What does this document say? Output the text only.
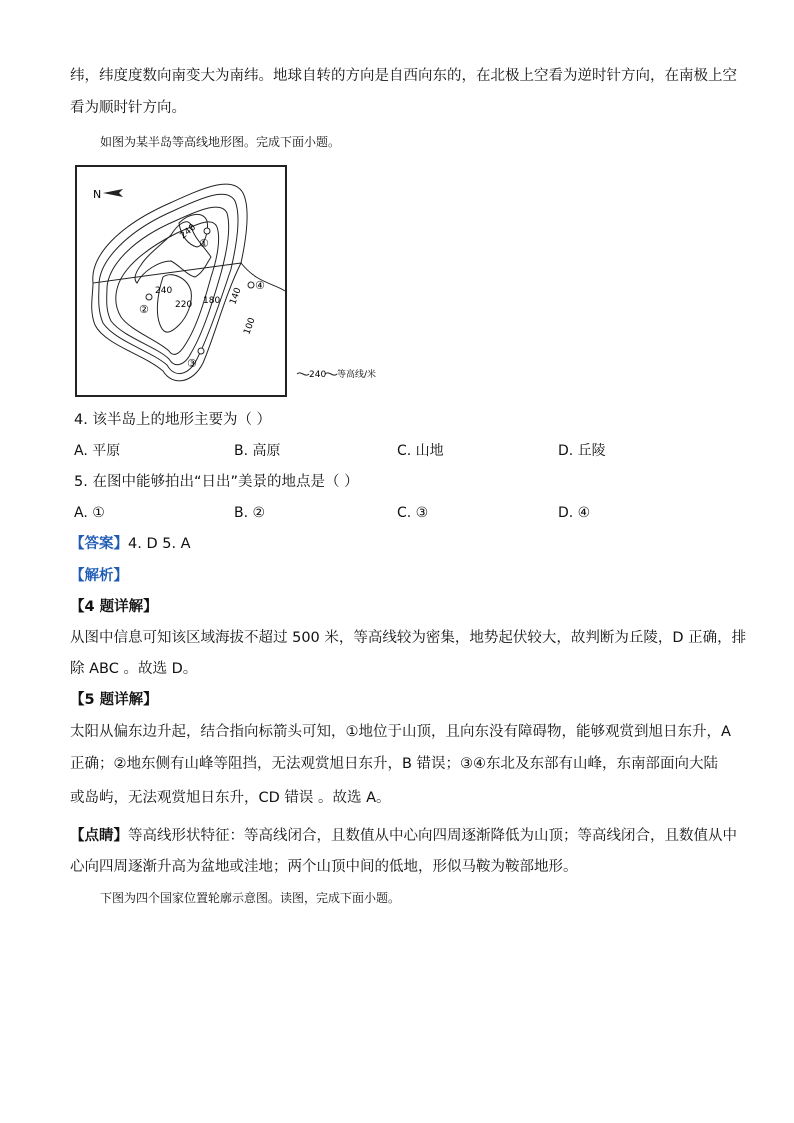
纬，纬度度数向南变大为南纬。地球自转的方向是自西向东的，在北极上空看为逆时针方向，在南极上空
看为顺时针方向。
如图为某半岛等高线地形图。完成下面小题。
N
240
240
220 180 140
100
①
②
③
④
240 等高线/米
4. 该半岛上的地形主要为（ ）
A. 平原	B. 高原	C. 山地	D. 丘陵
5. 在图中能够拍出“日出”美景的地点是（ ）
A. ①	B. ②	C. ③	D. ④
【答案】4. D 5. A
【解析】
【4 题详解】
从图中信息可知该区域海拔不超过 500 米，等高线较为密集，地势起伏较大，故判断为丘陵，D 正确，排
除 ABC 。故选 D。
【5 题详解】
太阳从偏东边升起，结合指向标箭头可知，①地位于山顶，且向东没有障碍物，能够观赏到旭日东升，A
正确；②地东侧有山峰等阻挡，无法观赏旭日东升，B 错误；③④东北及东部有山峰，东南部面向大陆
或岛屿，无法观赏旭日东升，CD 错误 。故选 A。
【点睛】等高线形状特征：等高线闭合，且数值从中心向四周逐渐降低为山顶；等高线闭合，且数值从中
心向四周逐渐升高为盆地或洼地；两个山顶中间的低地，形似马鞍为鞍部地形。
下图为四个国家位置轮廓示意图。读图，完成下面小题。
